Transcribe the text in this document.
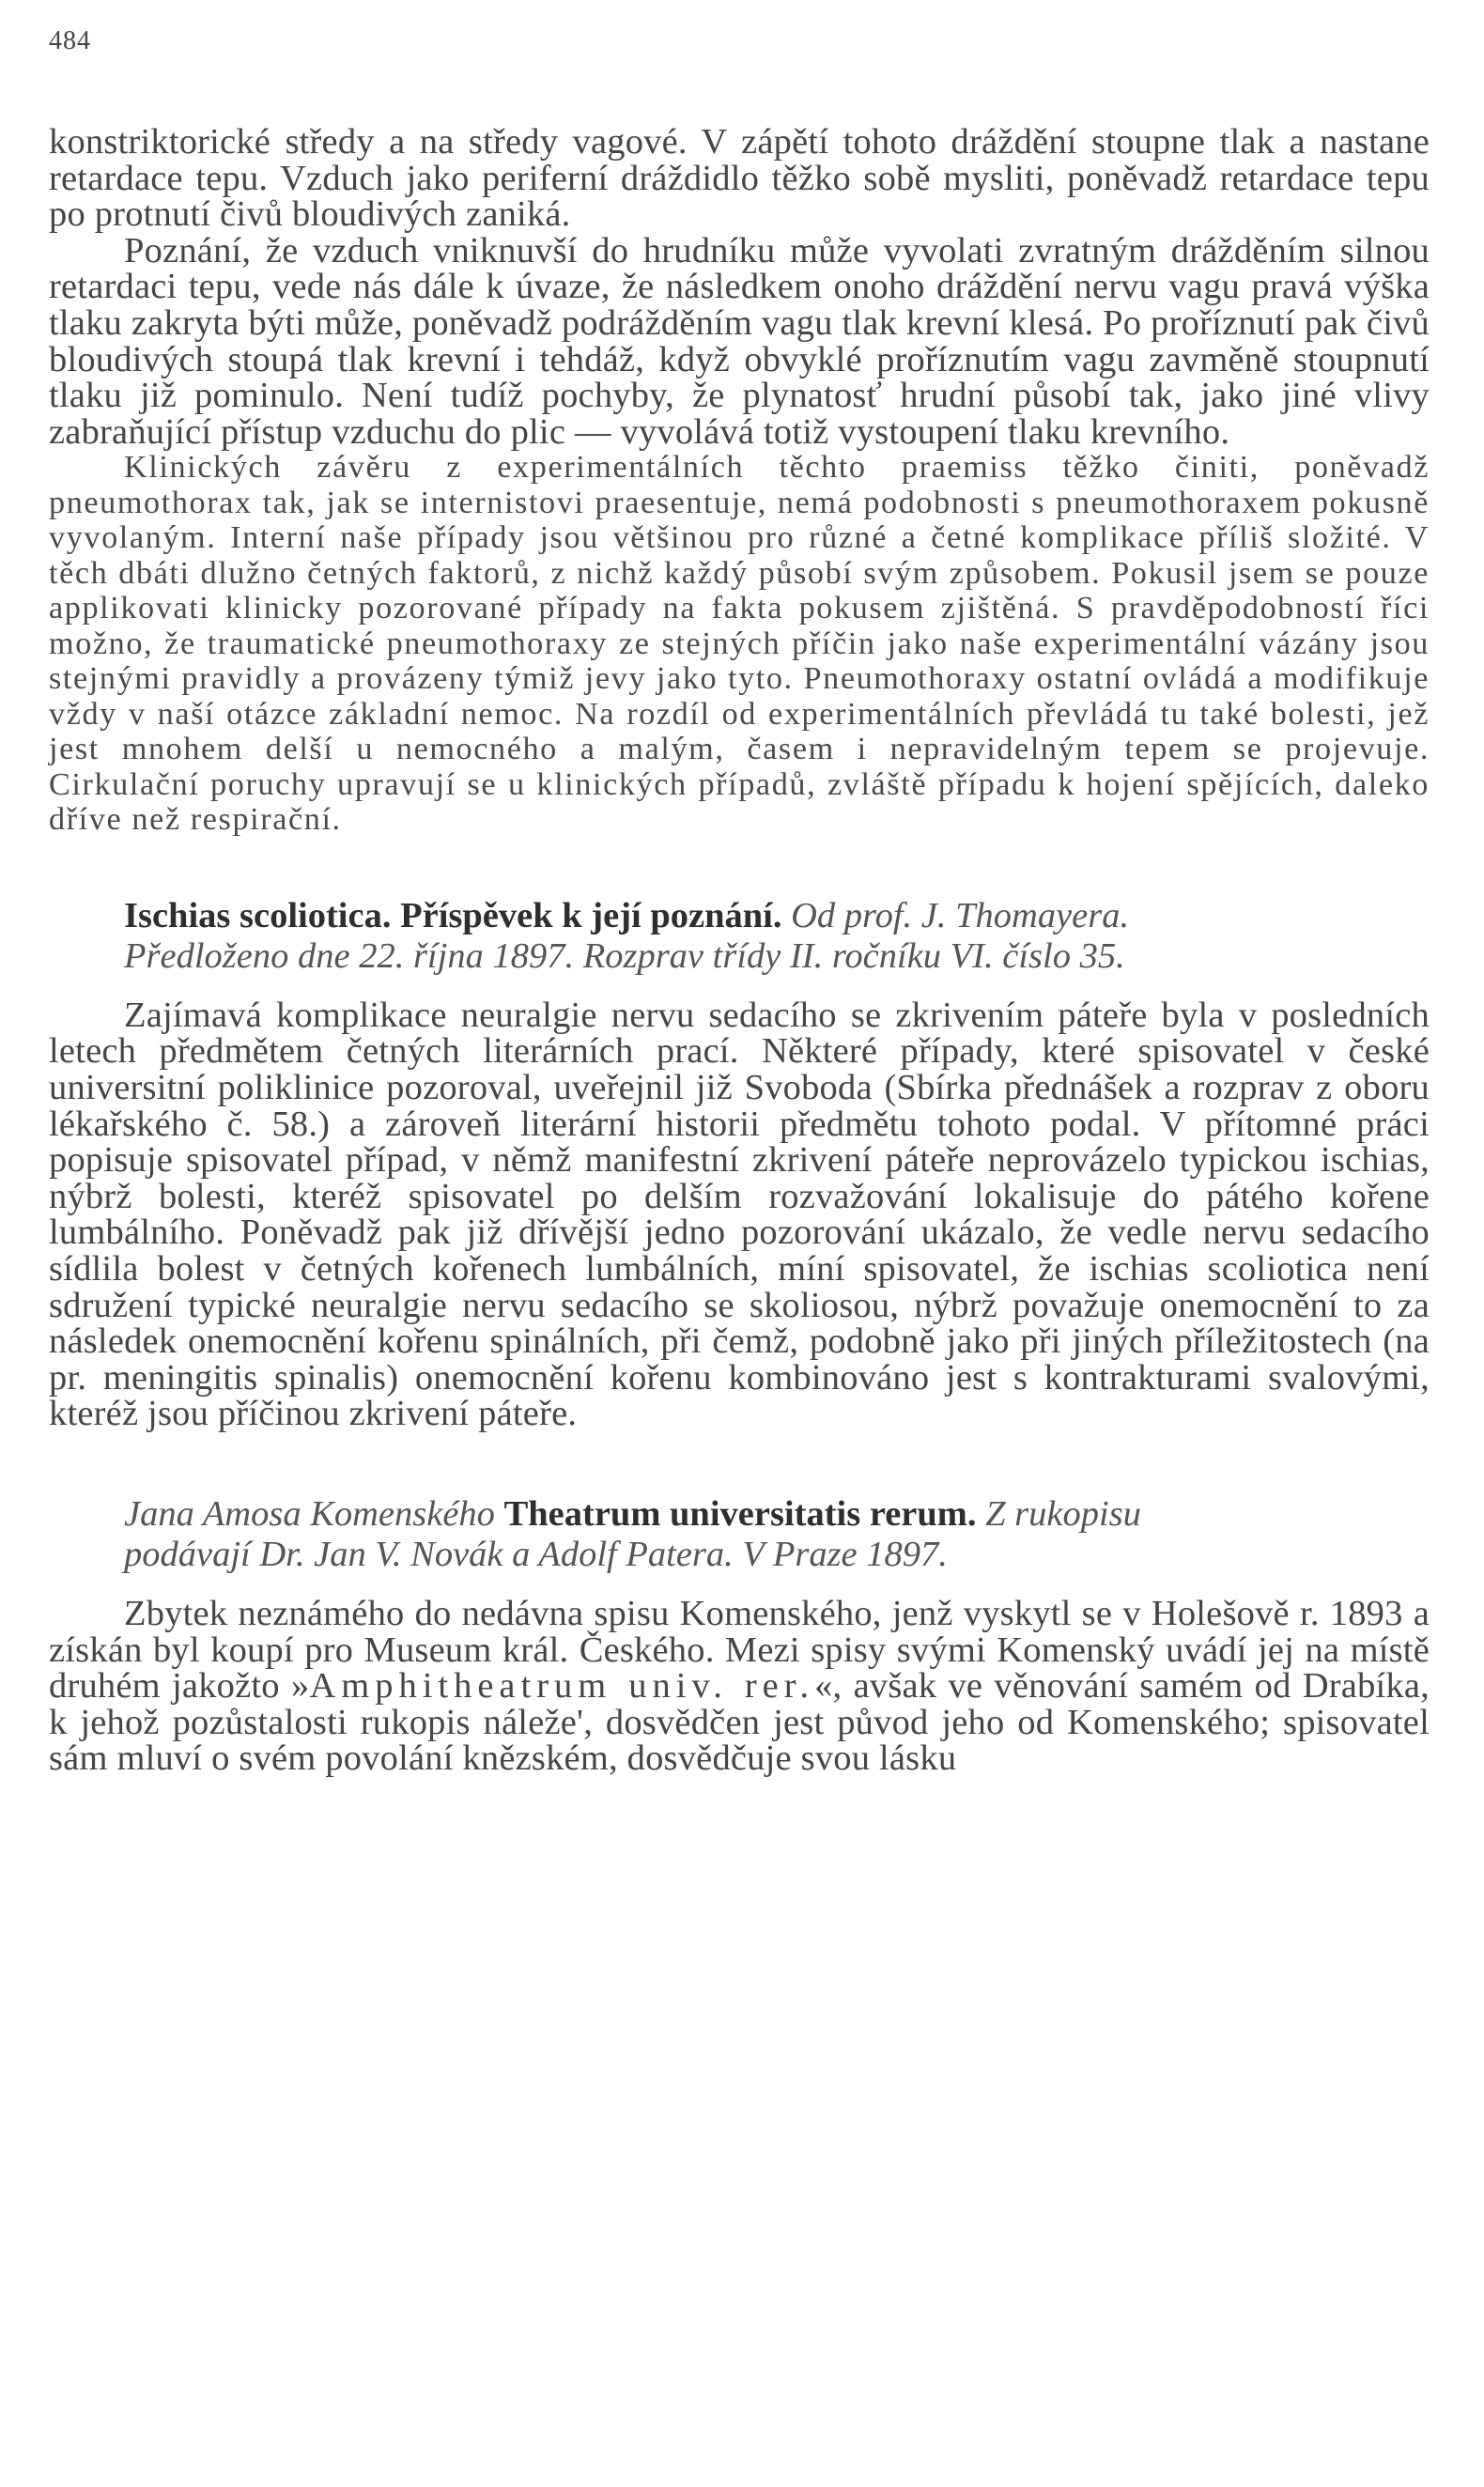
484

konstriktorické středy a na středy vagové. V zápětí tohoto dráždění stoupne tlak a nastane retardace tepu. Vzduch jako periferní dráždidlo těžko sobě mysliti, poněvadž retardace tepu po protnutí čivů bloudivých zaniká.

Poznání, že vzduch vniknuvší do hrudníku může vyvolati zvratným drážděním silnou retardaci tepu, vede nás dále k úvaze, že následkem onoho dráždění nervu vagu pravá výška tlaku zakryta býti může, poněvadž podrážděním vagu tlak krevní klesá. Po proříznutí pak čivů bloudivých stoupá tlak krevní i tehdáž, když obvyklé proříznutím vagu zavměně stoupnutí tlaku již pominulo. Není tudíž pochyby, že plynatosť hrudní působí tak, jako jiné vlivy zabraňující přístup vzduchu do plic — vyvolává totiž vystoupení tlaku krevního.

Klinických závěru z experimentálních těchto praemiss těžko činiti, poněvadž pneumothorax tak, jak se internistovi praesentuje, nemá podobnosti s pneumothoraxem pokusně vyvolaným. Interní naše případy jsou většinou pro různé a četné komplikace příliš složité. V těch dbáti dlužno četných faktorů, z nichž každý působí svým způsobem. Pokusil jsem se pouze applikovati klinicky pozorované případy na fakta pokusem zjištěná. S pravděpodobností říci možno, že traumatické pneumothoraxy ze stejných příčin jako naše experimentální vázány jsou stejnými pravidly a provázeny týmiž jevy jako tyto. Pneumothoraxy ostatní ovládá a modifikuje vždy v naší otázce základní nemoc. Na rozdíl od experimentálních převládá tu také bolesti, jež jest mnohem delší u nemocného a malým, časem i nepravidelným tepem se projevuje. Cirkulační poruchy upravují se u klinických případů, zvláště případu k hojení spějících, daleko dříve než respirační.

Ischias scoliotica. Příspěvek k její poznání. Od prof. J. Thomayera.
Předloženo dne 22. října 1897. Rozprav třídy II. ročníku VI. číslo 35.

Zajímavá komplikace neuralgie nervu sedacího se zkrivením páteře byla v posledních letech předmětem četných literárních prací. Některé případy, které spisovatel v české universitní poliklinice pozoroval, uveřejnil již Svoboda (Sbírka přednášek a rozprav z oboru lékařského č. 58.) a zároveň literární historii předmětu tohoto podal. V přítomné práci popisuje spisovatel případ, v němž manifestní zkrivení páteře neprovázelo typickou ischias, nýbrž bolesti, kteréž spisovatel po delším rozvažování lokalisuje do pátého kořene lumbálního. Poněvadž pak již dřívější jedno pozorování ukázalo, že vedle nervu sedacího sídlila bolest v četných kořenech lumbálních, míní spisovatel, že ischias scoliotica není sdružení typické neuralgie nervu sedacího se skoliosou, nýbrž považuje onemocnění to za následek onemocnění kořenu spinálních, při čemž, podobně jako při jiných příležitostech (na pr. meningitis spinalis) onemocnění kořenu kombinováno jest s kontrakturami svalovými, kteréž jsou příčinou zkrivení páteře.

Jana Amosa Komenského Theatrum universitatis rerum. Z rukopisu
podávají Dr. Jan V. Novák a Adolf Patera. V Praze 1897.

Zbytek neznámého do nedávna spisu Komenského, jenž vyskytl se v Holešově r. 1893 a získán byl koupí pro Museum král. Českého. Mezi spisy svými Komenský uvádí jej na místě druhém jakožto »Amphitheatrum univ. rer.«, avšak ve věnování samém od Drabíka, k jehož pozůstalosti rukopis náleže', dosvědčen jest původ jeho od Komenského; spisovatel sám mluví o svém povolání knězském, dosvědčuje svou lásku
